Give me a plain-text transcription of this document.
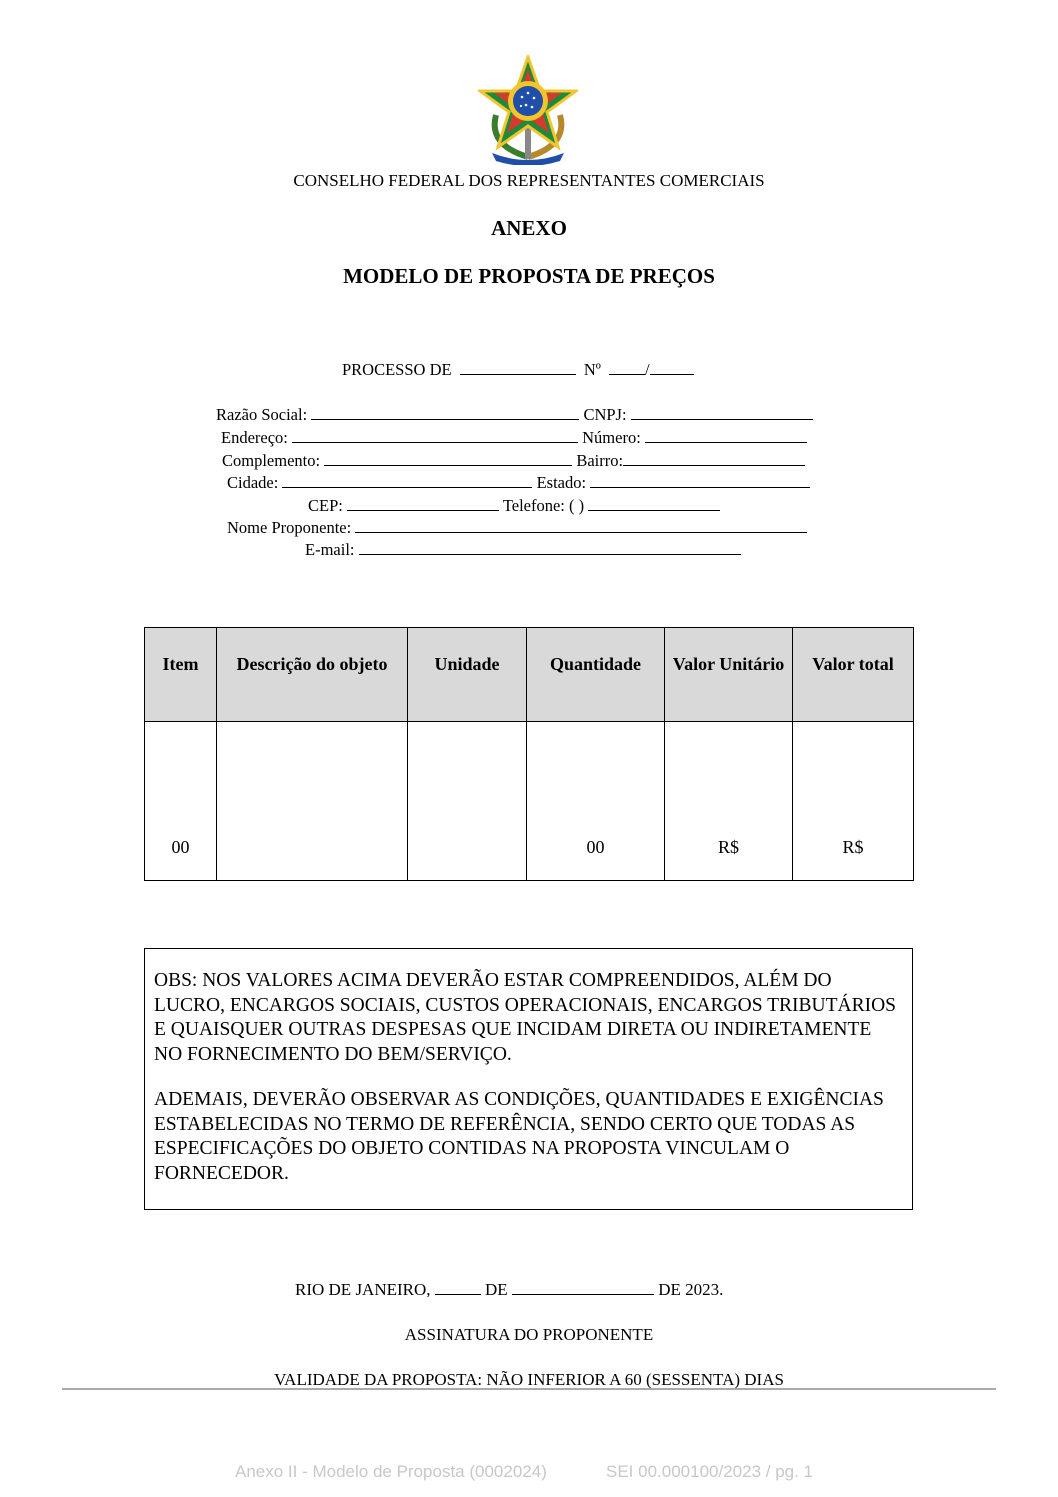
CONSELHO FEDERAL DOS REPRESENTANTES COMERCIAIS
ANEXO
MODELO DE PROPOSTA DE PREÇOS
PROCESSO DE	Nº	/
Razão Social:	CNPJ:
Endereço:	Número:
Complemento:	Bairro:
Cidade:	Estado:
CEP:	Telefone: ( )
Nome Proponente:
E-mail:
Item	Descrição do objeto	Unidade	Quantidade	Valor Unitário	Valor total
00			00	R$	R$

OBS: NOS VALORES ACIMA DEVERÃO ESTAR COMPREENDIDOS, ALÉM DO LUCRO, ENCARGOS SOCIAIS, CUSTOS OPERACIONAIS, ENCARGOS TRIBUTÁRIOS E QUAISQUER OUTRAS DESPESAS QUE INCIDAM DIRETA OU INDIRETAMENTE NO FORNECIMENTO DO BEM/SERVIÇO.

ADEMAIS, DEVERÃO OBSERVAR AS CONDIÇÕES, QUANTIDADES E EXIGÊNCIAS ESTABELECIDAS NO TERMO DE REFERÊNCIA, SENDO CERTO QUE TODAS AS ESPECIFICAÇÕES DO OBJETO CONTIDAS NA PROPOSTA VINCULAM O FORNECEDOR.

RIO DE JANEIRO,	DE	DE 2023.
ASSINATURA DO PROPONENTE
VALIDADE DA PROPOSTA: NÃO INFERIOR A 60 (SESSENTA) DIAS
Anexo II - Modelo de Proposta (0002024)	SEI 00.000100/2023 / pg. 1
